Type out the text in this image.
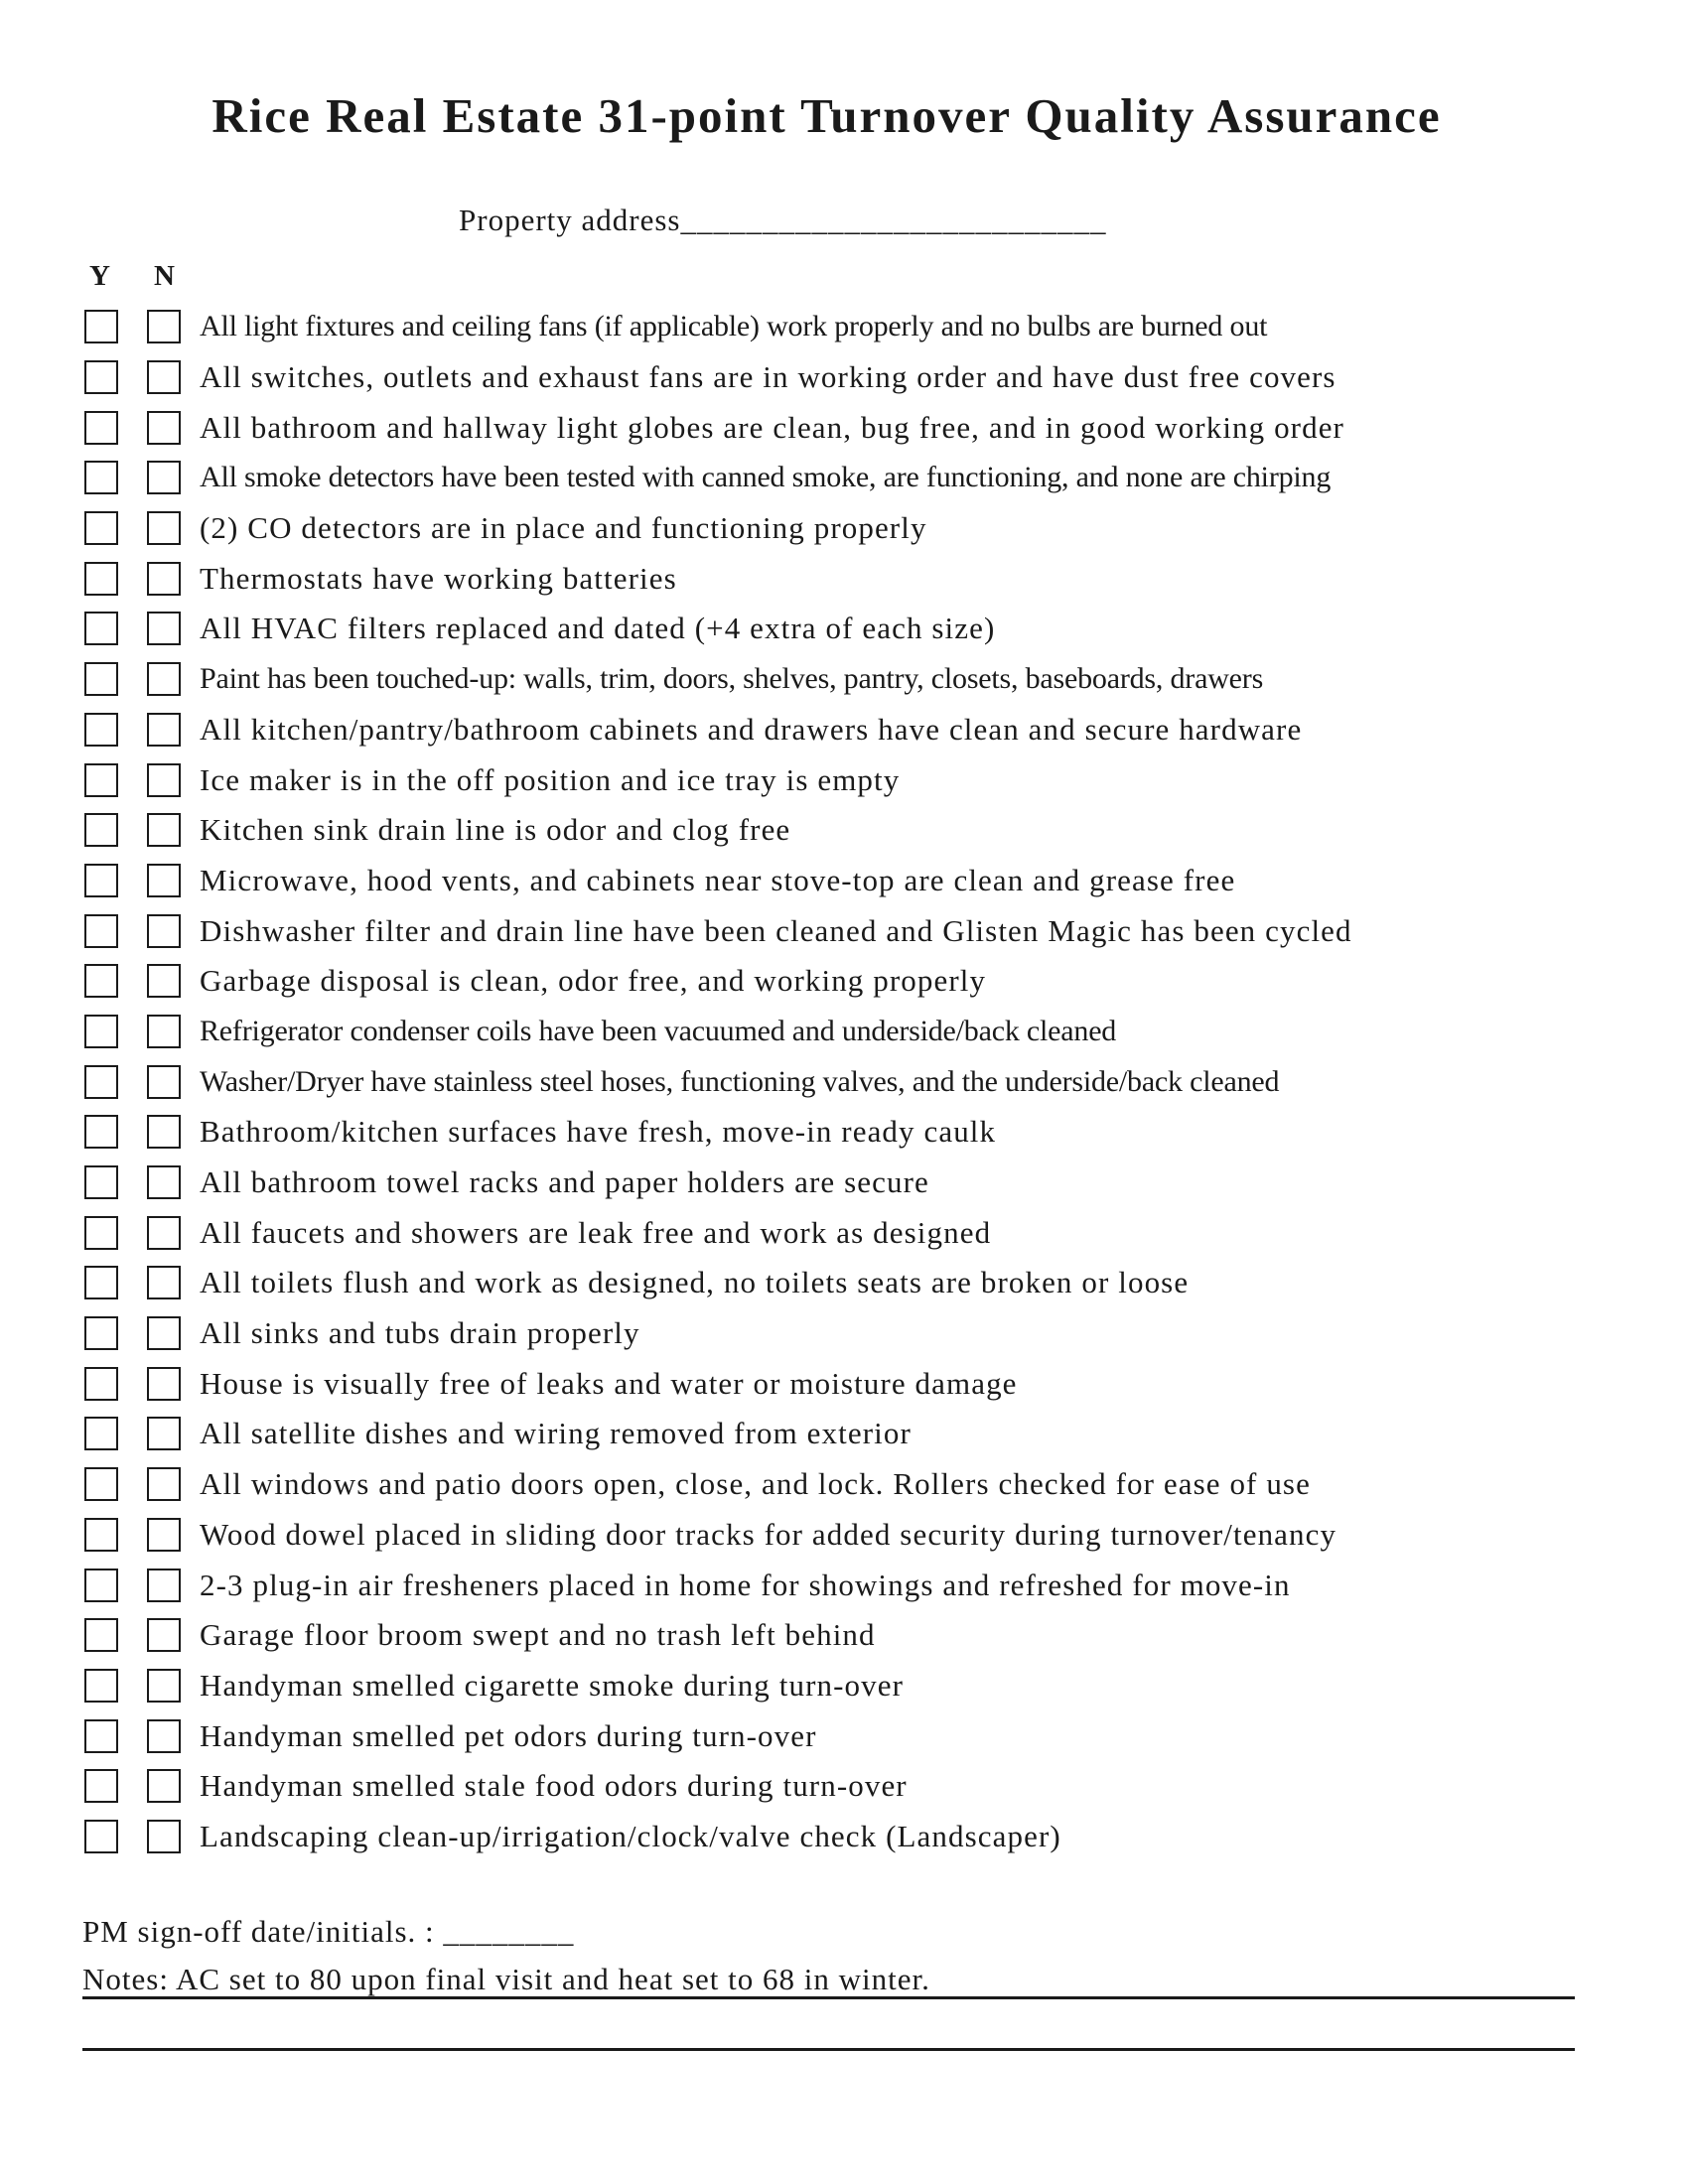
Rice Real Estate 31-point Turnover Quality Assurance
Property address__________________________
Y N
All light fixtures and ceiling fans (if applicable) work properly and no bulbs are burned out
All switches, outlets and exhaust fans are in working order and have dust free covers
All bathroom and hallway light globes are clean, bug free, and in good working order
All smoke detectors have been tested with canned smoke, are functioning, and none are chirping
(2) CO detectors are in place and functioning properly
Thermostats have working batteries
All HVAC filters replaced and dated (+4 extra of each size)
Paint has been touched-up: walls, trim, doors, shelves, pantry, closets, baseboards, drawers
All kitchen/pantry/bathroom cabinets and drawers have clean and secure hardware
Ice maker is in the off position and ice tray is empty
Kitchen sink drain line is odor and clog free
Microwave, hood vents, and cabinets near stove-top are clean and grease free
Dishwasher filter and drain line have been cleaned and Glisten Magic has been cycled
Garbage disposal is clean, odor free, and working properly
Refrigerator condenser coils have been vacuumed and underside/back cleaned
Washer/Dryer have stainless steel hoses, functioning valves, and the underside/back cleaned
Bathroom/kitchen surfaces have fresh, move-in ready caulk
All bathroom towel racks and paper holders are secure
All faucets and showers are leak free and work as designed
All toilets flush and work as designed, no toilets seats are broken or loose
All sinks and tubs drain properly
House is visually free of leaks and water or moisture damage
All satellite dishes and wiring removed from exterior
All windows and patio doors open, close, and lock. Rollers checked for ease of use
Wood dowel placed in sliding door tracks for added security during turnover/tenancy
2-3 plug-in air fresheners placed in home for showings and refreshed for move-in
Garage floor broom swept and no trash left behind
Handyman smelled cigarette smoke during turn-over
Handyman smelled pet odors during turn-over
Handyman smelled stale food odors during turn-over
Landscaping clean-up/irrigation/clock/valve check (Landscaper)
PM sign-off date/initials. : ________
Notes: AC set to 80 upon final visit and heat set to 68 in winter.
